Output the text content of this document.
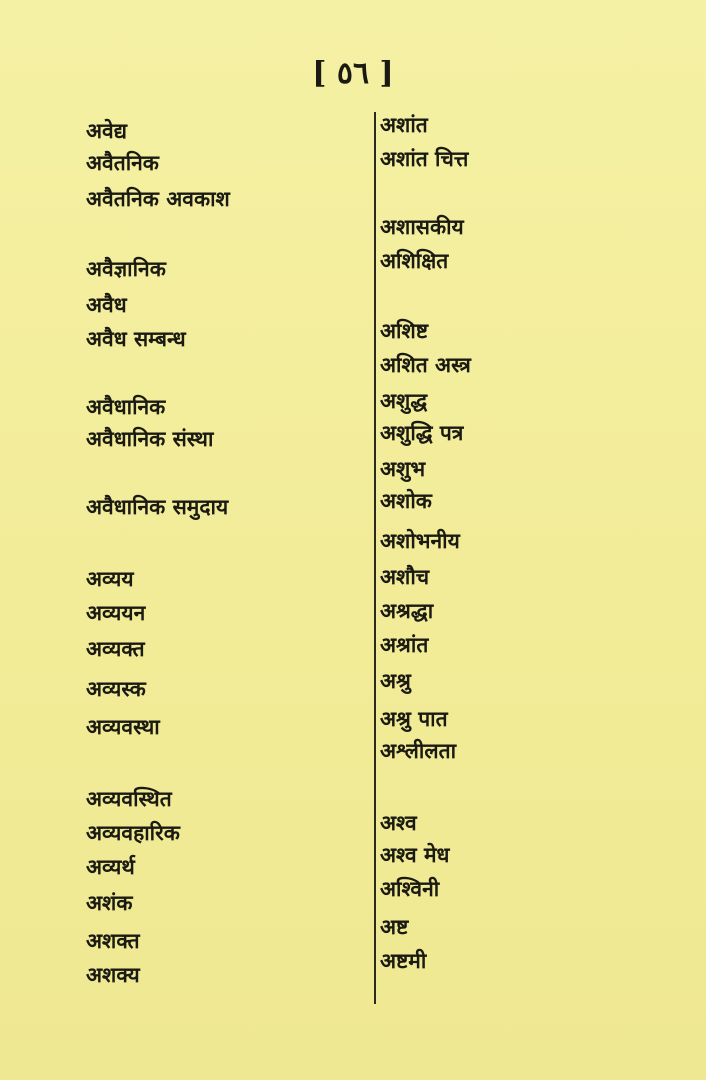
[ ٥٦ ]
अवेद्य
अवैतनिक
अवैतनिक अवकाश
अवैज्ञानिक
अवैध
अवैध सम्बन्ध
अवैधानिक
अवैधानिक संस्था
अवैधानिक समुदाय
अव्यय
अव्ययन
अव्यक्त
अव्यस्क
अव्यवस्था
अव्यवस्थित
अव्यवहारिक
अव्यर्थ
अशंक
अशक्त
अशक्य
अशांत
अशांत चित्त
अशासकीय
अशिक्षित
अशिष्ट
अशित अस्त्र
अशुद्ध
अशुद्धि पत्र
अशुभ
अशोक
अशोभनीय
अशौच
अश्रद्धा
अश्रांत
अश्रु
अश्रु पात
अश्लीलता
अश्व
अश्व मेध
अश्विनी
अष्ट
अष्टमी
